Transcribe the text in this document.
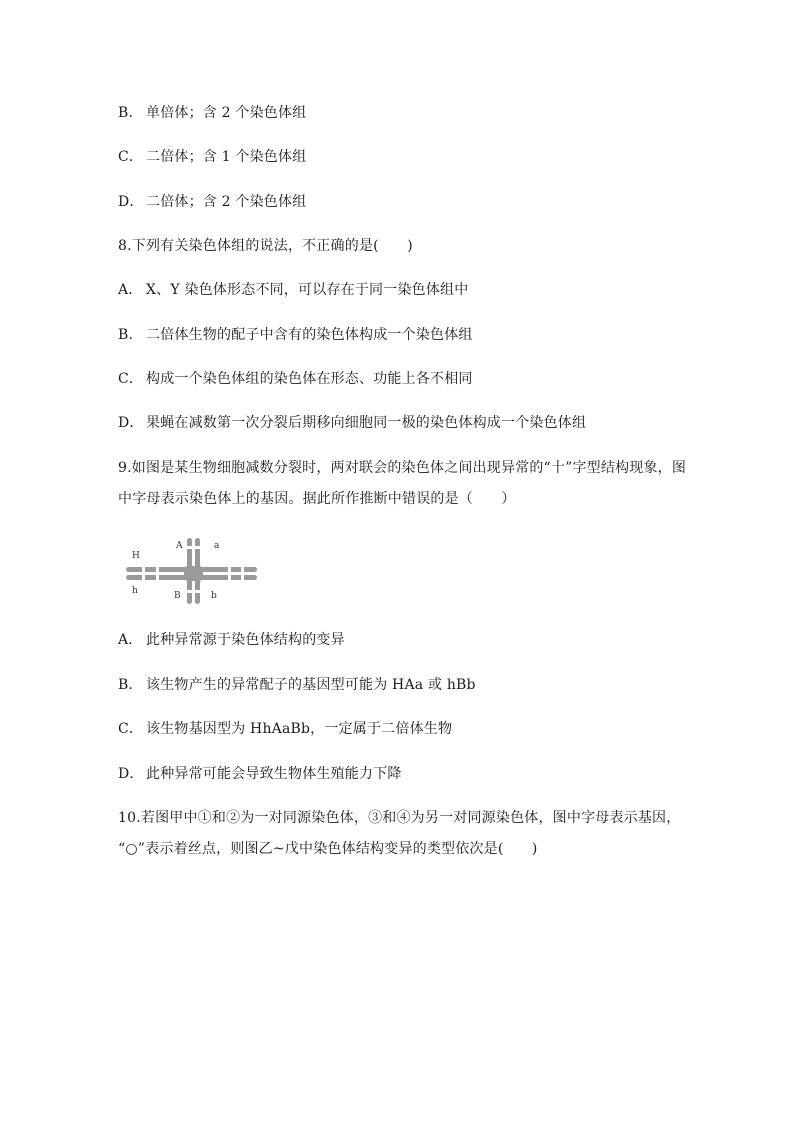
B． 单倍体；含 2 个染色体组
C． 二倍体；含 1 个染色体组
D． 二倍体；含 2 个染色体组
8.下列有关染色体组的说法，不正确的是(　　)
A． X、Y 染色体形态不同，可以存在于同一染色体组中
B． 二倍体生物的配子中含有的染色体构成一个染色体组
C． 构成一个染色体组的染色体在形态、功能上各不相同
D． 果蝇在减数第一次分裂后期移向细胞同一极的染色体构成一个染色体组
9.如图是某生物细胞减数分裂时，两对联会的染色体之间出现异常的“十”字型结构现象，图
中字母表示染色体上的基因。据此所作推断中错误的是（　　）
H
h
A	a
B	b
A． 此种异常源于染色体结构的变异
B． 该生物产生的异常配子的基因型可能为 HAa 或 hBb
C． 该生物基因型为 HhAaBb，一定属于二倍体生物
D． 此种异常可能会导致生物体生殖能力下降
10.若图甲中①和②为一对同源染色体，③和④为另一对同源染色体，图中字母表示基因，
“○”表示着丝点，则图乙~戊中染色体结构变异的类型依次是(　　)
